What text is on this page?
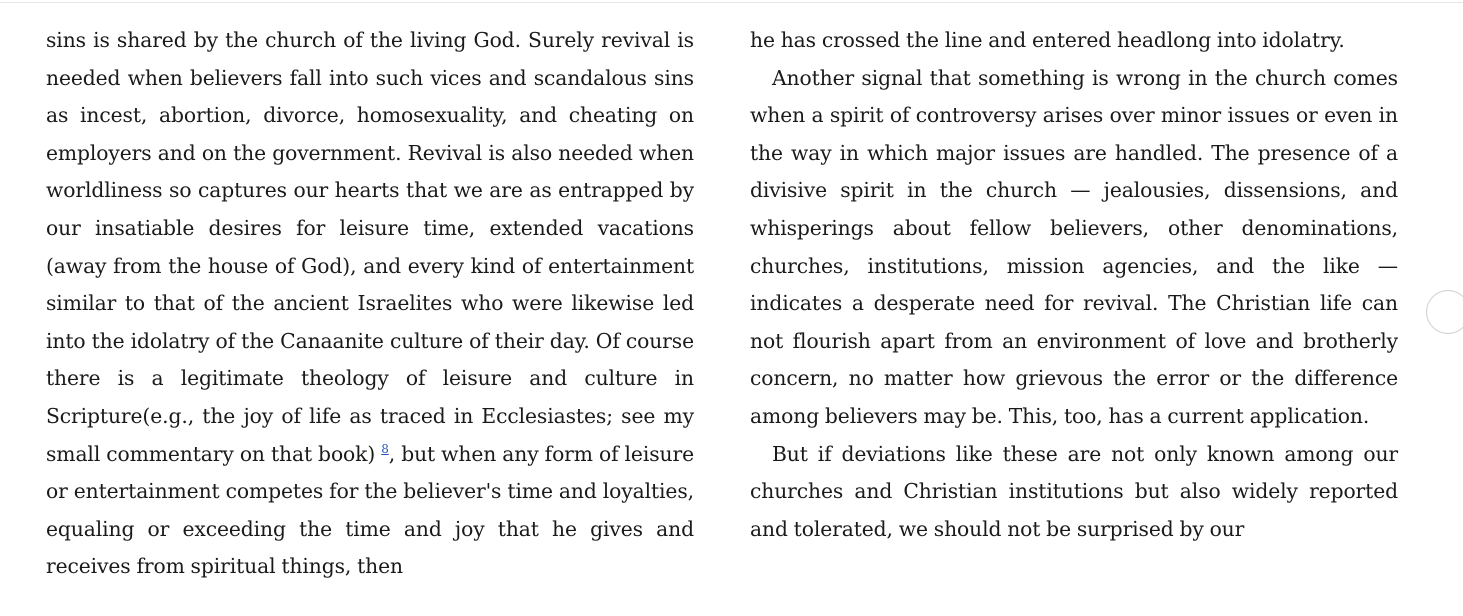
sins is shared by the church of the living God. Surely revival is needed when believers fall into such vices and scandalous sins as incest, abortion, divorce, homosexuality, and cheating on employers and on the government. Revival is also needed when worldliness so captures our hearts that we are as entrapped by our insatiable desires for leisure time, extended vacations (away from the house of God), and every kind of entertainment similar to that of the ancient Israelites who were likewise led into the idolatry of the Canaanite culture of their day. Of course there is a legitimate theology of leisure and culture in Scripture(e.g., the joy of life as traced in Ecclesiastes; see my small commentary on that book) $^8$, but when any form of leisure or entertainment competes for the believer's time and loyalties, equaling or exceeding the time and joy that he gives and receives from spiritual things, then

he has crossed the line and entered headlong into idolatry.

Another signal that something is wrong in the church comes when a spirit of controversy arises over minor issues or even in the way in which major issues are handled. The presence of a divisive spirit in the church — jealousies, dissensions, and whisperings about fellow believers, other denominations, churches, institutions, mission agencies, and the like — indicates a desperate need for revival. The Christian life can not flourish apart from an environment of love and brotherly concern, no matter how grievous the error or the difference among believers may be. This, too, has a current application.

But if deviations like these are not only known among our churches and Christian institutions but also widely reported and tolerated, we should not be surprised by our
